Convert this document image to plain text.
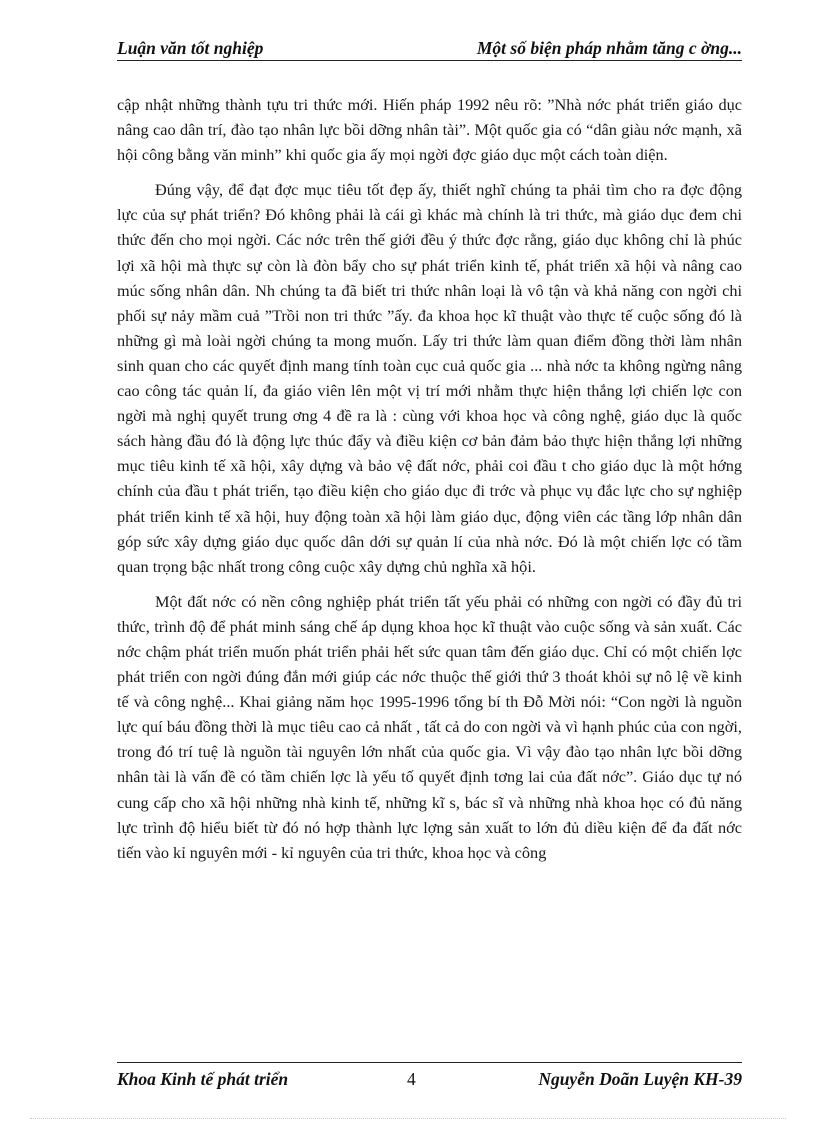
Luận văn tốt nghiệp	Một số biện pháp nhằm tăng c ờng...

cập nhật những thành tựu tri thức mới. Hiến pháp 1992 nêu rõ: ”Nhà nớc phát triển giáo dục nâng cao dân trí, đào tạo nhân lực bồi dỡng nhân tài”. Một quốc gia có “dân giàu nớc mạnh, xã hội công bằng văn minh” khi quốc gia ấy mọi ngời đợc giáo dục một cách toàn diện.

Đúng vậy, để đạt đợc mục tiêu tốt đẹp ấy, thiết nghĩ chúng ta phải tìm cho ra đợc động lực của sự phát triển? Đó không phải là cái gì khác mà chính là tri thức, mà giáo dục đem chi thức đến cho mọi ngời. Các nớc trên thế giới đều ý thức đợc rằng, giáo dục không chỉ là phúc lợi xã hội mà thực sự còn là đòn bẩy cho sự phát triển kinh tế, phát triển xã hội và nâng cao múc sống nhân dân. Nh chúng ta đã biết tri thức nhân loại là vô tận và khả năng con ngời chi phối sự nảy mầm cuả ”Trồi non tri thức ”ấy. đa khoa học kĩ thuật vào thực tế cuộc sống đó là những gì mà loài ngời chúng ta mong muốn. Lấy tri thức làm quan điểm đồng thời làm nhân sinh quan cho các quyết định mang tính toàn cục cuả quốc gia ... nhà nớc ta không ngừng nâng cao công tác quản lí, đa giáo viên lên một vị trí mới nhằm thực hiện thắng lợi chiến lợc con ngời mà nghị quyết trung ơng 4 đề ra là : cùng với khoa học và công nghệ, giáo dục là quốc sách hàng đầu đó là động lực thúc đẩy và điều kiện cơ bản đảm bảo thực hiện thắng lợi những mục tiêu kinh tế xã hội, xây dựng và bảo vệ đất nớc, phải coi đầu t cho giáo dục là một hớng chính của đầu t phát triển, tạo điều kiện cho giáo dục đi trớc và phục vụ đắc lực cho sự nghiệp phát triển kinh tế xã hội, huy động toàn xã hội làm giáo dục, động viên các tầng lớp nhân dân góp sức xây dựng giáo dục quốc dân dới sự quản lí của nhà nớc. Đó là một chiến lợc có tầm quan trọng bậc nhất trong công cuộc xây dựng chủ nghĩa xã hội.

Một đất nớc có nền công nghiệp phát triển tất yếu phải có những con ngời có đầy đủ tri thức, trình độ để phát minh sáng chế áp dụng khoa học kĩ thuật vào cuộc sống và sản xuất. Các nớc chậm phát triển muốn phát triển phải hết sức quan tâm đến giáo dục. Chỉ có một chiến lợc phát triển con ngời đúng đắn mới giúp các nớc thuộc thế giới thứ 3 thoát khỏi sự nô lệ về kinh tế và công nghệ... Khai giảng năm học 1995-1996 tổng bí th Đỗ Mời nói: “Con ngời là nguồn lực quí báu đồng thời là mục tiêu cao cả nhất , tất cả do con ngời và vì hạnh phúc của con ngời, trong đó trí tuệ là nguồn tài nguyên lớn nhất của quốc gia. Vì vậy đào tạo nhân lực bồi dỡng nhân tài là vấn đề có tầm chiến lợc là yếu tố quyết định tơng lai của đất nớc”. Giáo dục tự nó cung cấp cho xã hội những nhà kinh tế, những kĩ s, bác sĩ và những nhà khoa học có đủ năng lực trình độ hiểu biết từ đó nó hợp thành lực lợng sản xuất to lớn đủ diều kiện để đa đất nớc tiến vào kỉ nguyên mới - kỉ nguyên của tri thức, khoa học và công

Khoa Kinh tế phát triển	4	Nguyễn Doãn Luyện KH-39
